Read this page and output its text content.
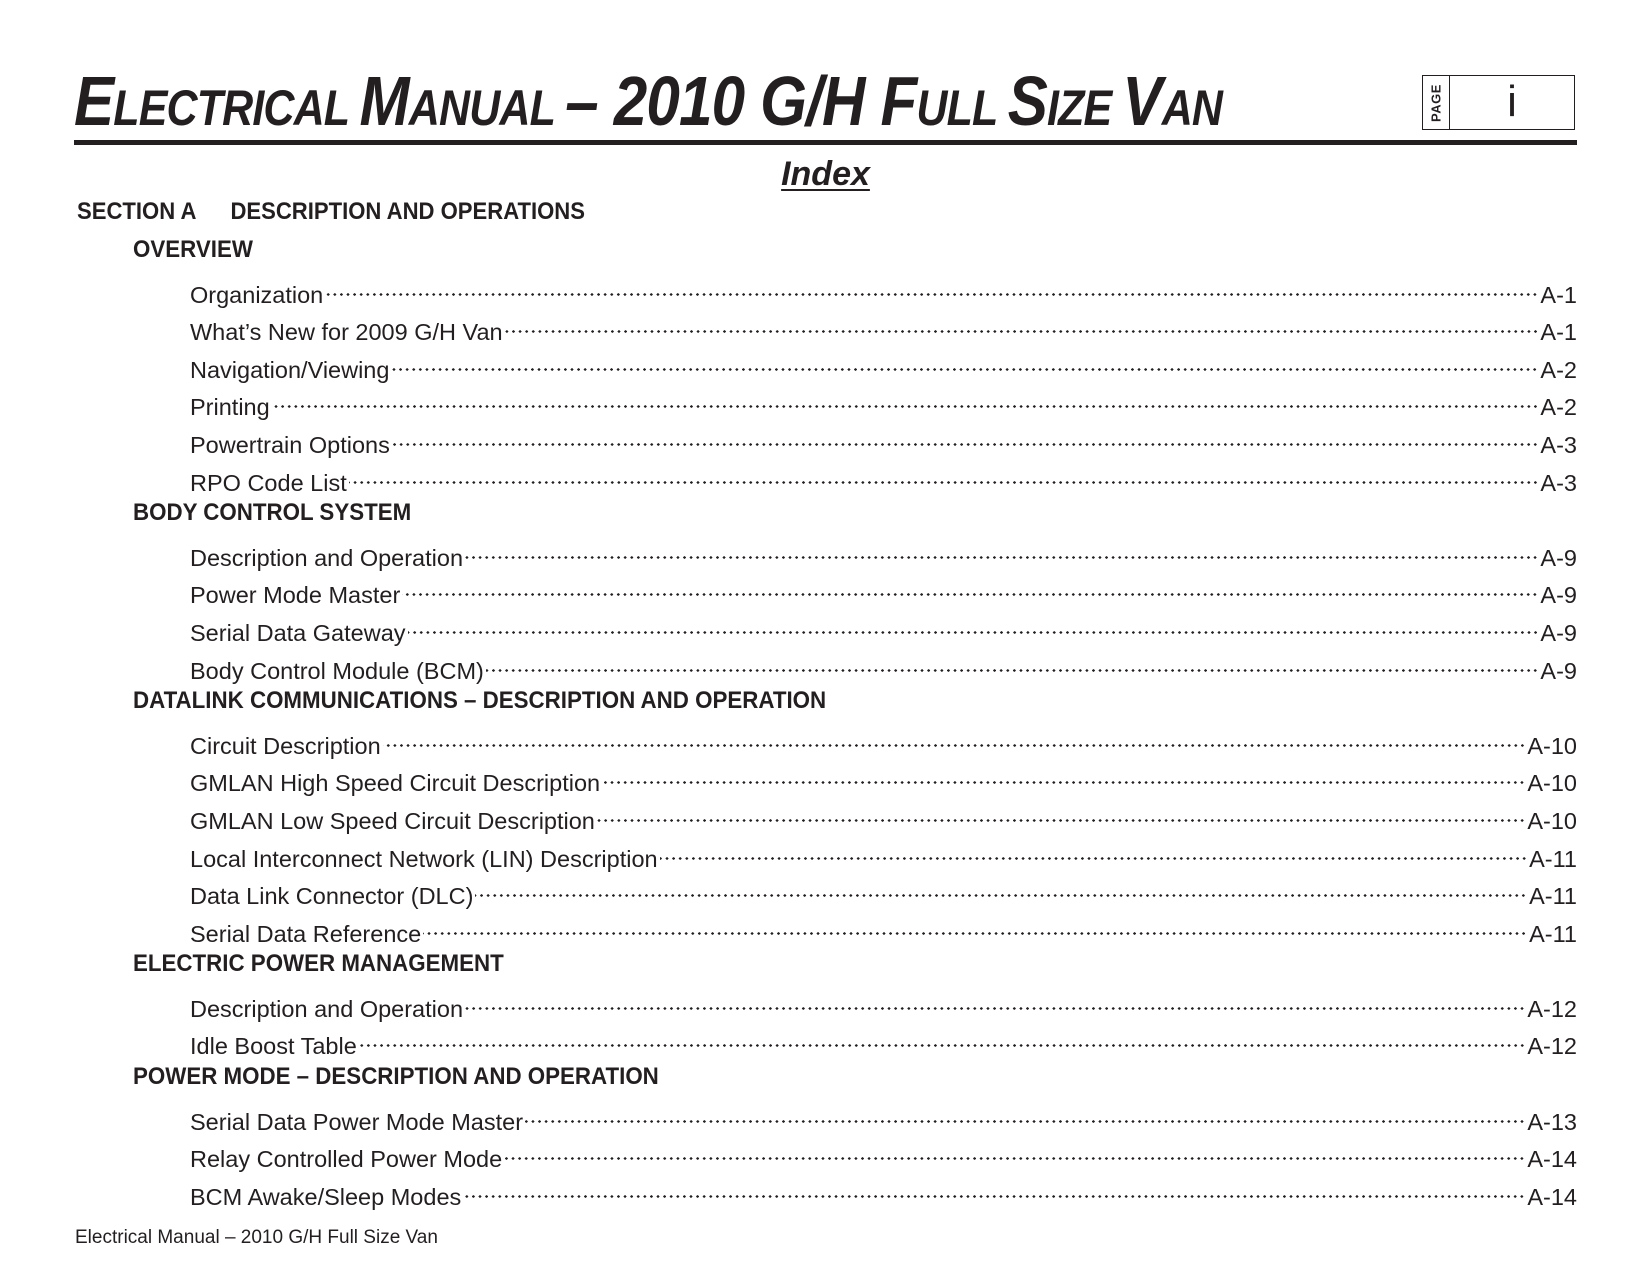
ELECTRICAL MANUAL – 2010 G/H FULL SIZE VAN	PAGE	i
Index
SECTION A DESCRIPTION AND OPERATIONS
OVERVIEW
Organization	A-1
What’s New for 2009 G/H Van	A-1
Navigation/Viewing	A-2
Printing	A-2
Powertrain Options	A-3
RPO Code List	A-3
BODY CONTROL SYSTEM
Description and Operation	A-9
Power Mode Master	A-9
Serial Data Gateway	A-9
Body Control Module (BCM)	A-9
DATALINK COMMUNICATIONS – DESCRIPTION AND OPERATION
Circuit Description	A-10
GMLAN High Speed Circuit Description	A-10
GMLAN Low Speed Circuit Description	A-10
Local Interconnect Network (LIN) Description	A-11
Data Link Connector (DLC)	A-11
Serial Data Reference	A-11
ELECTRIC POWER MANAGEMENT
Description and Operation	A-12
Idle Boost Table	A-12
POWER MODE – DESCRIPTION AND OPERATION
Serial Data Power Mode Master	A-13
Relay Controlled Power Mode	A-14
BCM Awake/Sleep Modes	A-14
Electrical Manual – 2010 G/H Full Size Van
